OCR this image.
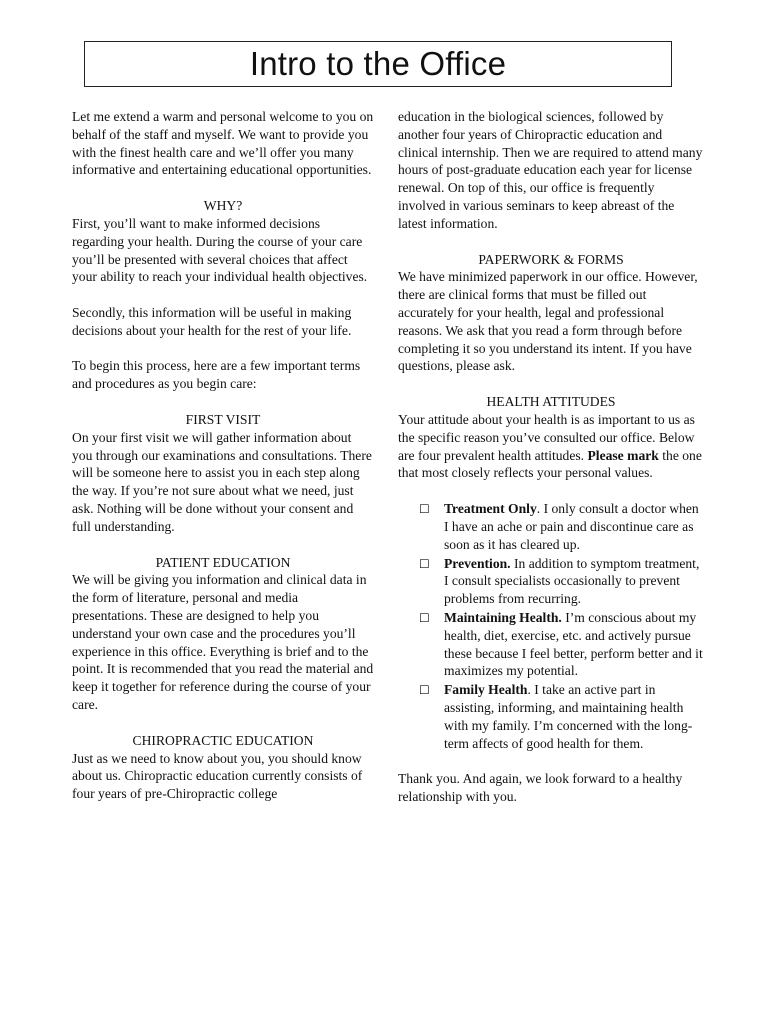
Intro to the Office

Let me extend a warm and personal welcome to you on behalf of the staff and myself. We want to provide you with the finest health care and we’ll offer you many informative and entertaining educational opportunities.

WHY?

First, you’ll want to make informed decisions regarding your health. During the course of your care you’ll be presented with several choices that affect your ability to reach your individual health objectives.

Secondly, this information will be useful in making decisions about your health for the rest of your life.

To begin this process, here are a few important terms and procedures as you begin care:

FIRST VISIT

On your first visit we will gather information about you through our examinations and consultations. There will be someone here to assist you in each step along the way. If you’re not sure about what we need, just ask. Nothing will be done without your consent and full understanding.

PATIENT EDUCATION

We will be giving you information and clinical data in the form of literature, personal and media presentations. These are designed to help you understand your own case and the procedures you’ll experience in this office. Everything is brief and to the point. It is recommended that you read the material and keep it together for reference during the course of your care.

CHIROPRACTIC EDUCATION

Just as we need to know about you, you should know about us. Chiropractic education currently consists of four years of pre-Chiropractic college

education in the biological sciences, followed by another four years of Chiropractic education and clinical internship. Then we are required to attend many hours of post-graduate education each year for license renewal. On top of this, our office is frequently involved in various seminars to keep abreast of the latest information.

PAPERWORK & FORMS

We have minimized paperwork in our office. However, there are clinical forms that must be filled out accurately for your health, legal and professional reasons. We ask that you read a form through before completing it so you understand its intent. If you have questions, please ask.

HEALTH ATTITUDES

Your attitude about your health is as important to us as the specific reason you’ve consulted our office. Below are four prevalent health attitudes. Please mark the one that most closely reflects your personal values.

☐ Treatment Only. I only consult a doctor when I have an ache or pain and discontinue care as soon as it has cleared up.
☐ Prevention. In addition to symptom treatment, I consult specialists occasionally to prevent problems from recurring.
☐ Maintaining Health. I’m conscious about my health, diet, exercise, etc. and actively pursue these because I feel better, perform better and it maximizes my potential.
☐ Family Health. I take an active part in assisting, informing, and maintaining health with my family. I’m concerned with the long-term affects of good health for them.

Thank you. And again, we look forward to a healthy relationship with you.
